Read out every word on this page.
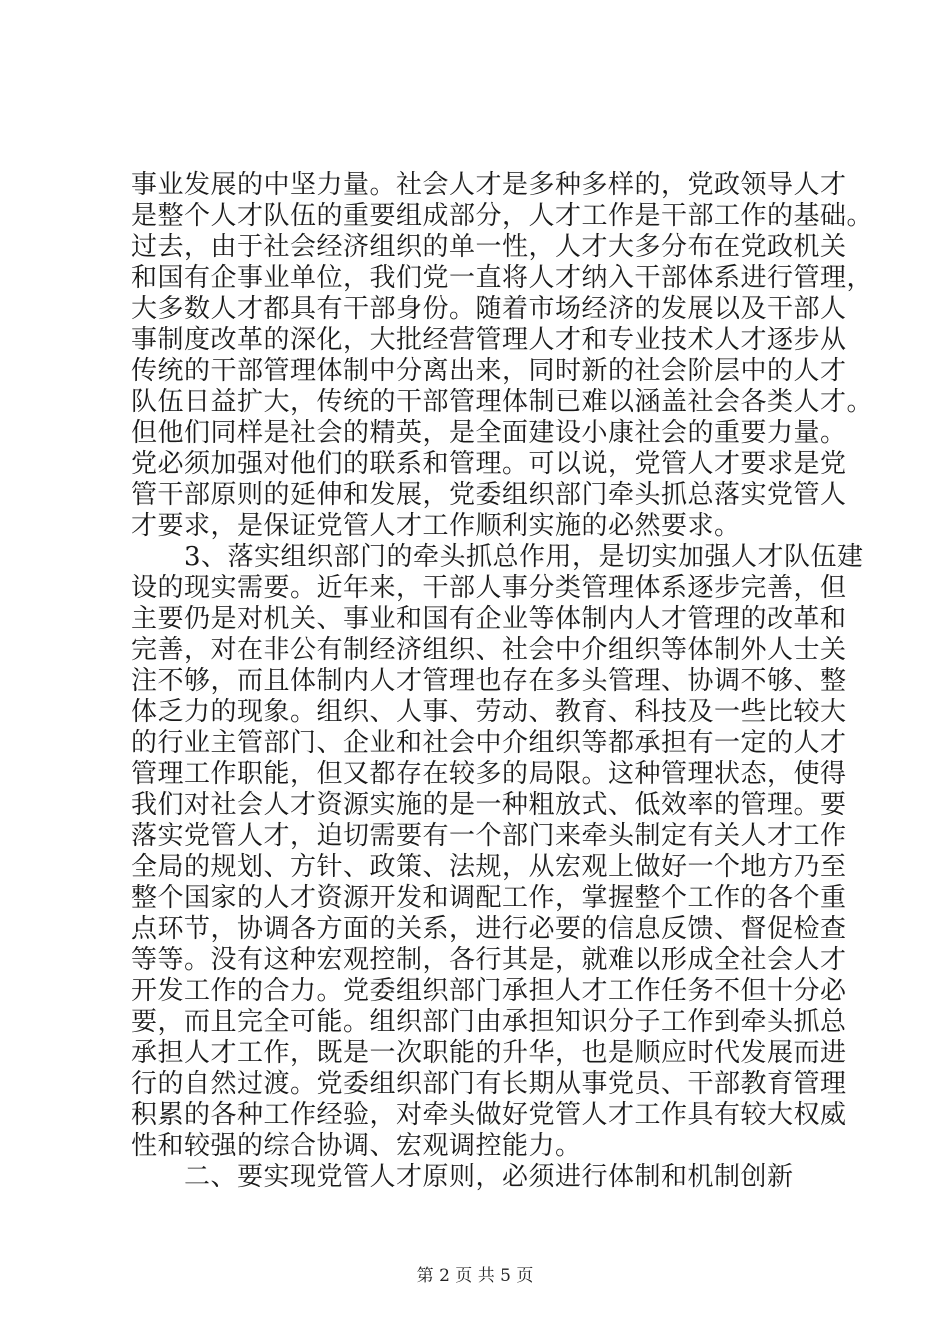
事业发展的中坚力量。社会人才是多种多样的，党政领导人才
是整个人才队伍的重要组成部分，人才工作是干部工作的基础。
过去，由于社会经济组织的单一性，人才大多分布在党政机关
和国有企事业单位，我们党一直将人才纳入干部体系进行管理，
大多数人才都具有干部身份。随着市场经济的发展以及干部人
事制度改革的深化，大批经营管理人才和专业技术人才逐步从
传统的干部管理体制中分离出来，同时新的社会阶层中的人才
队伍日益扩大，传统的干部管理体制已难以涵盖社会各类人才。
但他们同样是社会的精英，是全面建设小康社会的重要力量。
党必须加强对他们的联系和管理。可以说，党管人才要求是党
管干部原则的延伸和发展，党委组织部门牵头抓总落实党管人
才要求，是保证党管人才工作顺利实施的必然要求。
　　3、落实组织部门的牵头抓总作用，是切实加强人才队伍建
设的现实需要。近年来，干部人事分类管理体系逐步完善，但
主要仍是对机关、事业和国有企业等体制内人才管理的改革和
完善，对在非公有制经济组织、社会中介组织等体制外人士关
注不够，而且体制内人才管理也存在多头管理、协调不够、整
体乏力的现象。组织、人事、劳动、教育、科技及一些比较大
的行业主管部门、企业和社会中介组织等都承担有一定的人才
管理工作职能，但又都存在较多的局限。这种管理状态，使得
我们对社会人才资源实施的是一种粗放式、低效率的管理。要
落实党管人才，迫切需要有一个部门来牵头制定有关人才工作
全局的规划、方针、政策、法规，从宏观上做好一个地方乃至
整个国家的人才资源开发和调配工作，掌握整个工作的各个重
点环节，协调各方面的关系，进行必要的信息反馈、督促检查
等等。没有这种宏观控制，各行其是，就难以形成全社会人才
开发工作的合力。党委组织部门承担人才工作任务不但十分必
要，而且完全可能。组织部门由承担知识分子工作到牵头抓总
承担人才工作，既是一次职能的升华，也是顺应时代发展而进
行的自然过渡。党委组织部门有长期从事党员、干部教育管理
积累的各种工作经验，对牵头做好党管人才工作具有较大权威
性和较强的综合协调、宏观调控能力。
　　二、要实现党管人才原则，必须进行体制和机制创新
第 2 页 共 5 页
